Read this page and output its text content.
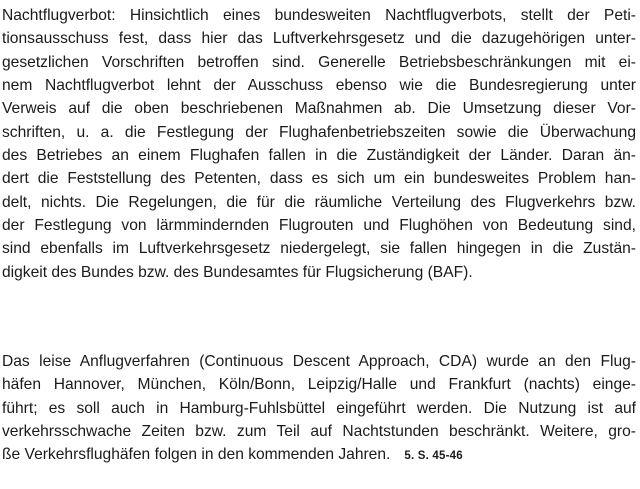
Nachtflugverbot: Hinsichtlich eines bundesweiten Nachtflugverbots, stellt der Peti-
tionsausschuss fest, dass hier das Luftverkehrsgesetz und die dazugehörigen unter-
gesetzlichen Vorschriften betroffen sind. Generelle Betriebsbeschränkungen mit ei-
nem Nachtflugverbot lehnt der Ausschuss ebenso wie die Bundesregierung unter
Verweis auf die oben beschriebenen Maßnahmen ab. Die Umsetzung dieser Vor-
schriften, u. a. die Festlegung der Flughafenbetriebszeiten sowie die Überwachung
des Betriebes an einem Flughafen fallen in die Zuständigkeit der Länder. Daran än-
dert die Feststellung des Petenten, dass es sich um ein bundesweites Problem han-
delt, nichts. Die Regelungen, die für die räumliche Verteilung des Flugverkehrs bzw.
der Festlegung von lärmmindernden Flugrouten und Flughöhen von Bedeutung sind,
sind ebenfalls im Luftverkehrsgesetz niedergelegt, sie fallen hingegen in die Zustän-
digkeit des Bundes bzw. des Bundesamtes für Flugsicherung (BAF).
Das leise Anflugverfahren (Continuous Descent Approach, CDA) wurde an den Flug-
häfen Hannover, München, Köln/Bonn, Leipzig/Halle und Frankfurt (nachts) einge-
führt; es soll auch in Hamburg-Fuhlsbüttel eingeführt werden. Die Nutzung ist auf
verkehrsschwache Zeiten bzw. zum Teil auf Nachtstunden beschränkt. Weitere, gro-
ße Verkehrsflughäfen folgen in den kommenden Jahren. 5. S. 45-46
